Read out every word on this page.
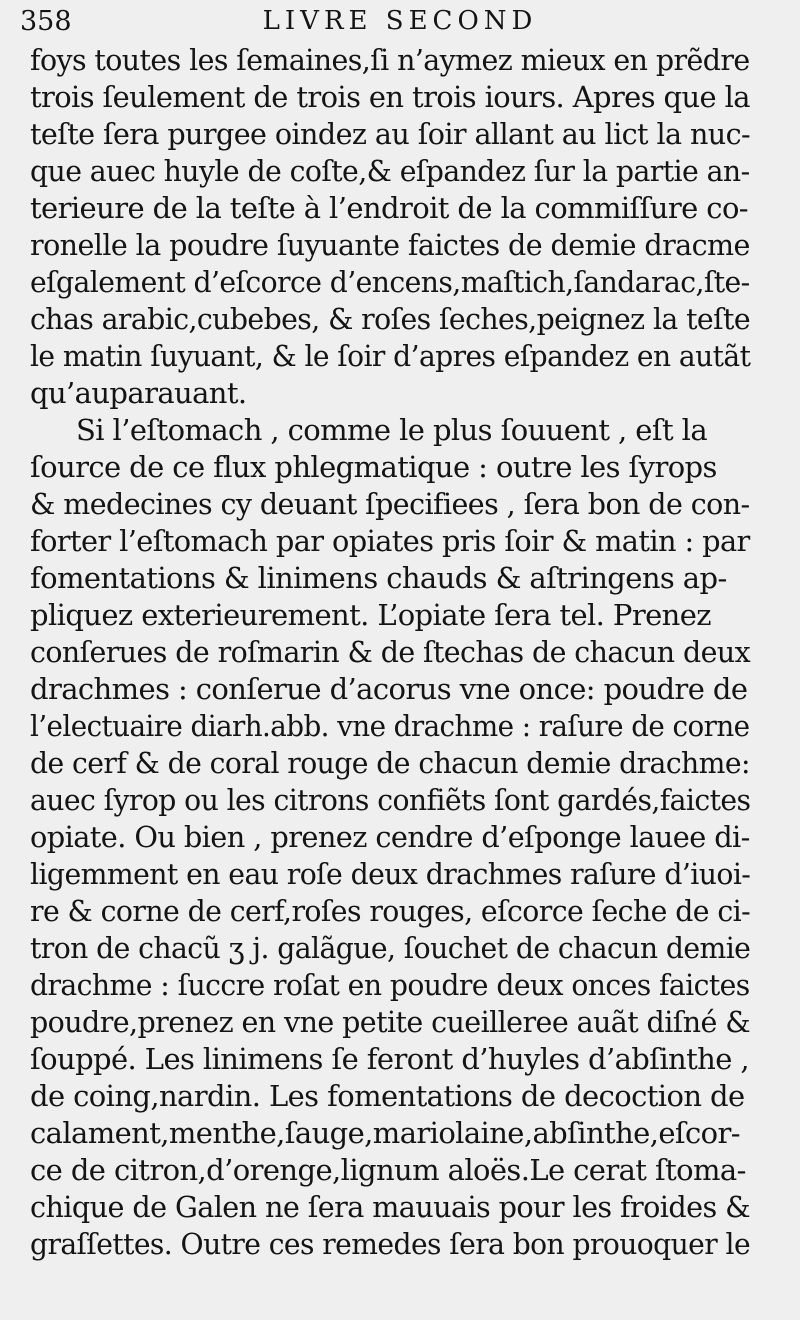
358	LIVRE SECOND
foys toutes les ſemaines,ſi n’aymez mieux en prẽdre
trois ſeulement de trois en trois iours. Apres que la
teſte ſera purgee oindez au ſoir allant au lict la nuc-
que auec huyle de coſte,& eſpandez ſur la partie an-
terieure de la teſte à l’endroit de la commiſſure co-
ronelle la poudre ſuyuante faictes de demie dracme
eſgalement d’eſcorce d’encens,maſtich,ſandarac,ſte-
chas arabic,cubebes, & roſes ſeches,peignez la teſte
le matin ſuyuant, & le ſoir d’apres eſpandez en autãt
qu’auparauant.
Si l’eſtomach , comme le plus ſouuent , eſt la
ſource de ce flux phlegmatique : outre les ſyrops
& medecines cy deuant ſpecifiees , ſera bon de con-
forter l’eſtomach par opiates pris ſoir & matin : par
fomentations & linimens chauds & aſtringens ap-
pliquez exterieurement. L’opiate ſera tel. Prenez
conſerues de roſmarin & de ſtechas de chacun deux
drachmes : conſerue d’acorus vne once: poudre de
l’electuaire diarh.abb. vne drachme : raſure de corne
de cerf & de coral rouge de chacun demie drachme:
auec ſyrop ou les citrons confiẽts ſont gardés,faictes
opiate. Ou bien , prenez cendre d’eſponge lauee di-
ligemment en eau roſe deux drachmes raſure d’iuoi-
re & corne de cerf,roſes rouges, eſcorce ſeche de ci-
tron de chacũ ʒ j. galãgue, ſouchet de chacun demie
drachme : ſuccre roſat en poudre deux onces faictes
poudre,prenez en vne petite cueilleree auãt diſné &
ſouppé. Les linimens ſe feront d’huyles d’abſinthe ,
de coing,nardin. Les fomentations de decoction de
calament,menthe,ſauge,mariolaine,abſinthe,eſcor-
ce de citron,d’orenge,lignum aloës.Le cerat ſtoma-
chique de Galen ne ſera mauuais pour les froides &
graſſettes. Outre ces remedes ſera bon prouoquer le
